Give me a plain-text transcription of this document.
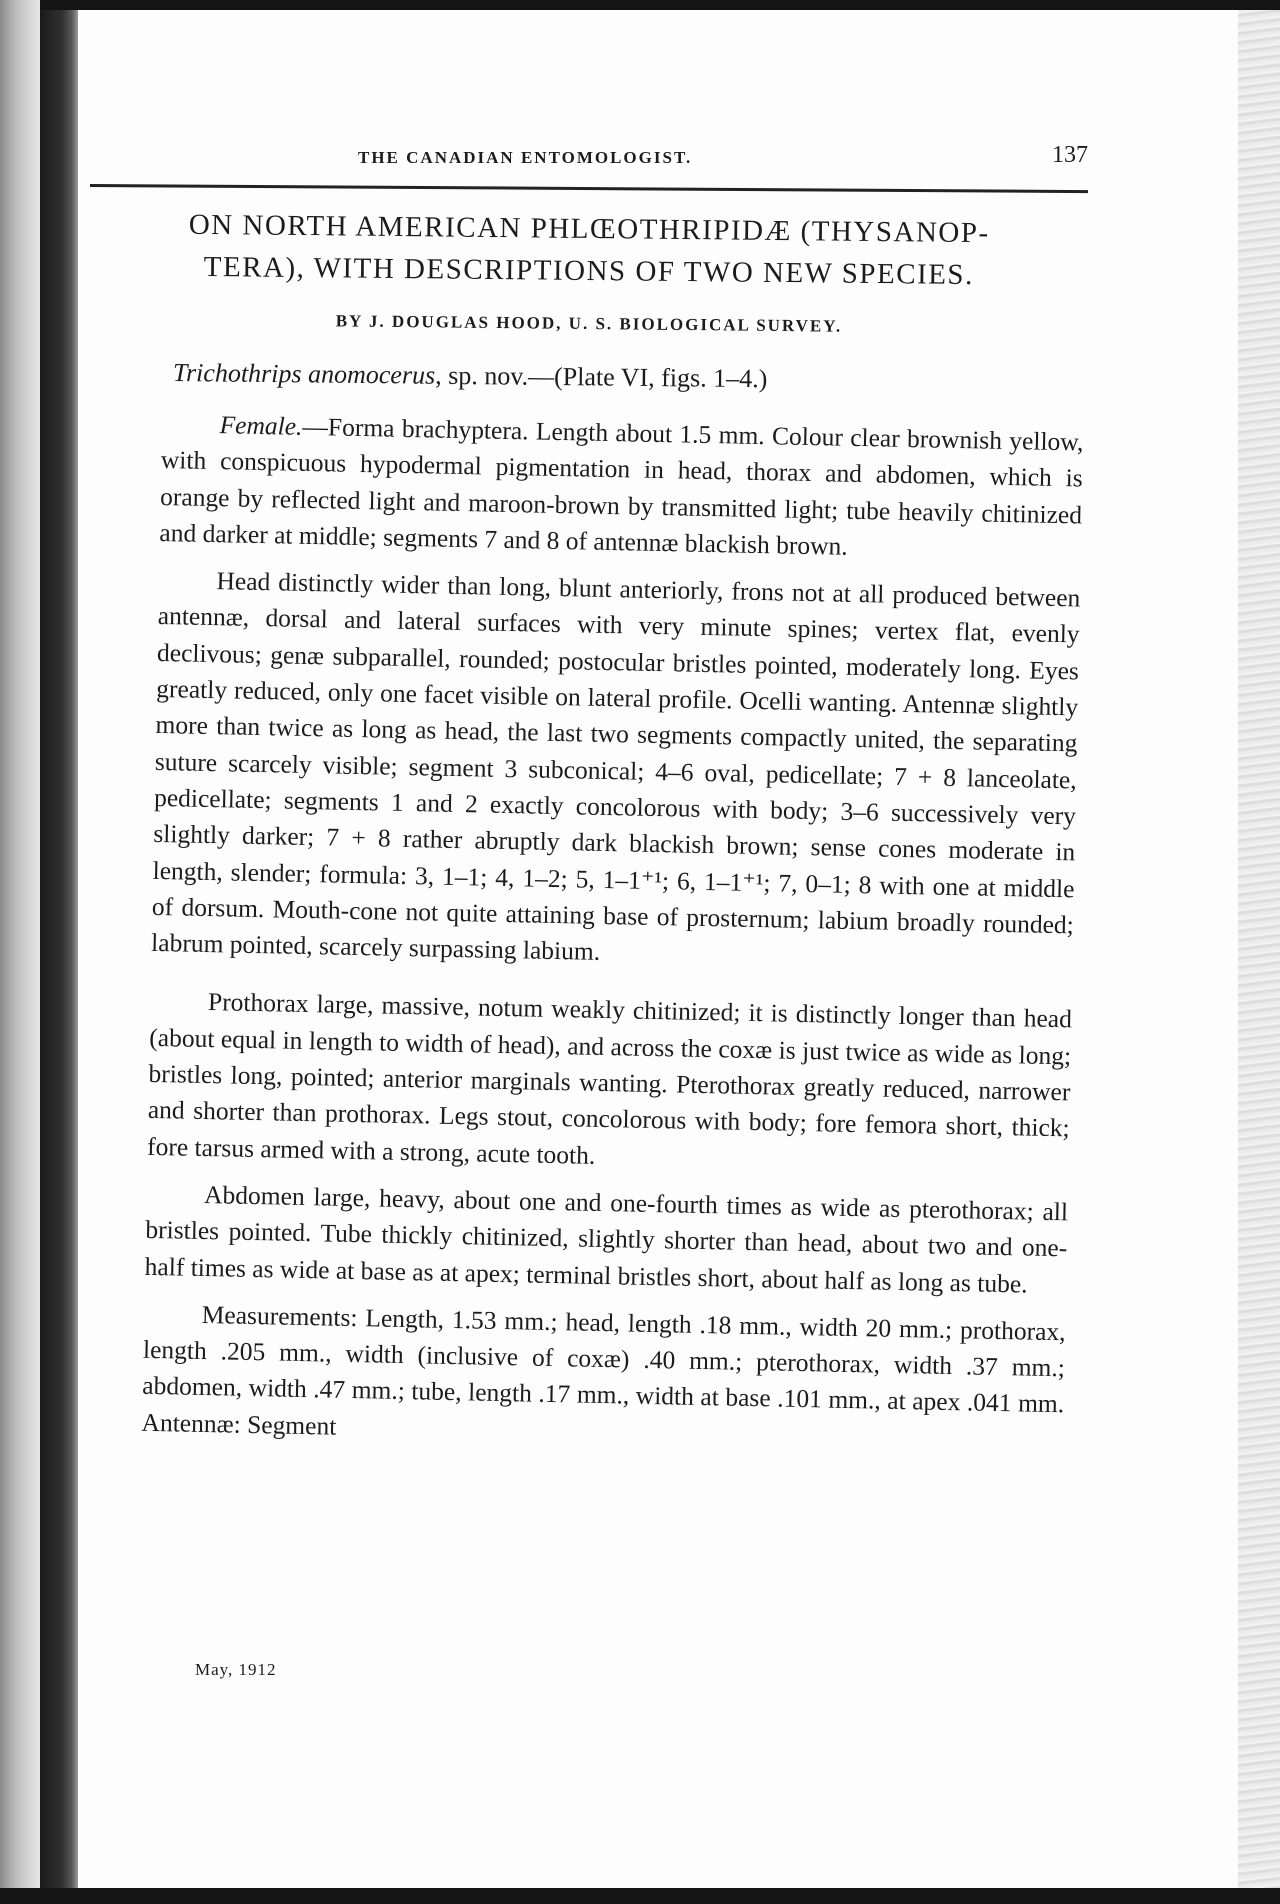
THE CANADIAN ENTOMOLOGIST.	137
ON NORTH AMERICAN PHLŒOTHRIPIDÆ (THYSANOP-
TERA), WITH DESCRIPTIONS OF TWO NEW SPECIES.
BY J. DOUGLAS HOOD, U. S. BIOLOGICAL SURVEY.
Trichothrips anomocerus, sp. nov.—(Plate VI, figs. 1–4.)

Female.—Forma brachyptera. Length about 1.5 mm. Colour clear brownish yellow, with conspicuous hypodermal pigmentation in head, thorax and abdomen, which is orange by reflected light and maroon-brown by transmitted light; tube heavily chitinized and darker at middle; segments 7 and 8 of antennæ blackish brown.

Head distinctly wider than long, blunt anteriorly, frons not at all produced between antennæ, dorsal and lateral surfaces with very minute spines; vertex flat, evenly declivous; genæ subparallel, rounded; postocular bristles pointed, moderately long. Eyes greatly reduced, only one facet visible on lateral profile. Ocelli wanting. Antennæ slightly more than twice as long as head, the last two segments compactly united, the separating suture scarcely visible; segment 3 subconical; 4–6 oval, pedicellate; 7 + 8 lanceolate, pedicellate; segments 1 and 2 exactly concolorous with body; 3–6 successively very slightly darker; 7 + 8 rather abruptly dark blackish brown; sense cones moderate in length, slender; formula: 3, 1–1; 4, 1–2; 5, 1–1⁺¹; 6, 1–1⁺¹; 7, 0–1; 8 with one at middle of dorsum. Mouth-cone not quite attaining base of prosternum; labium broadly rounded; labrum pointed, scarcely surpassing labium.

Prothorax large, massive, notum weakly chitinized; it is distinctly longer than head (about equal in length to width of head), and across the coxæ is just twice as wide as long; bristles long, pointed; anterior marginals wanting. Pterothorax greatly reduced, narrower and shorter than prothorax. Legs stout, concolorous with body; fore femora short, thick; fore tarsus armed with a strong, acute tooth.

Abdomen large, heavy, about one and one-fourth times as wide as pterothorax; all bristles pointed. Tube thickly chitinized, slightly shorter than head, about two and one-half times as wide at base as at apex; terminal bristles short, about half as long as tube.

Measurements: Length, 1.53 mm.; head, length .18 mm., width 20 mm.; prothorax, length .205 mm., width (inclusive of coxæ) .40 mm.; pterothorax, width .37 mm.; abdomen, width .47 mm.; tube, length .17 mm., width at base .101 mm., at apex .041 mm. Antennæ: Segment

May, 1912
